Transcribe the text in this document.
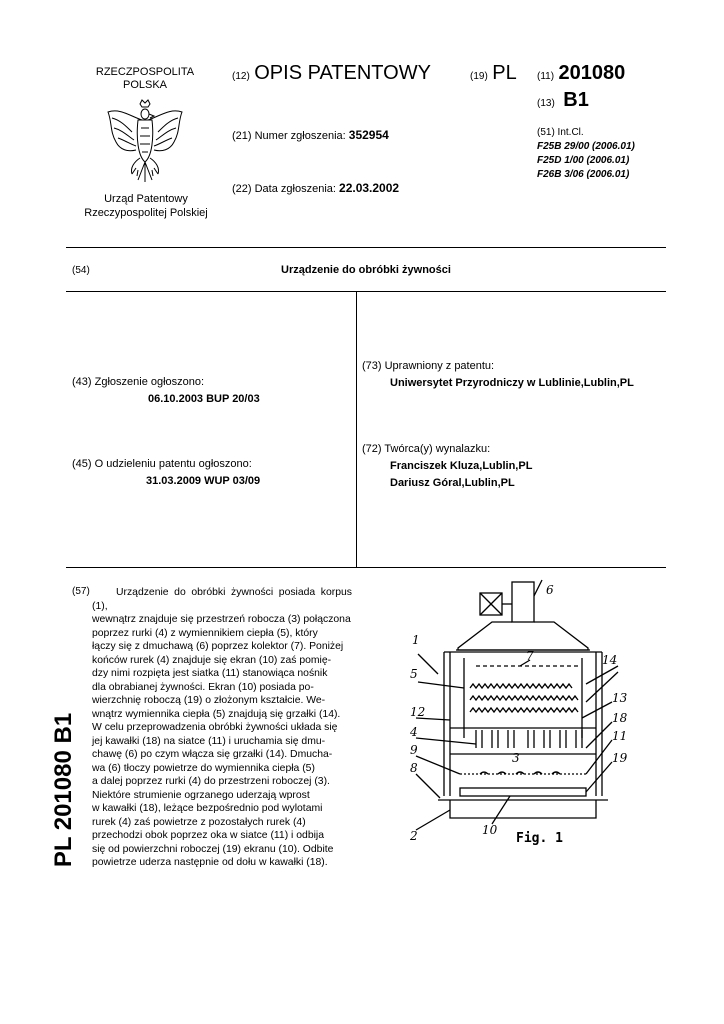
RZECZPOSPOLITA
POLSKA
Urząd Patentowy
Rzeczypospolitej Polskiej
(12) OPIS PATENTOWY	(19) PL (11) 201080
(13) B1
(21) Numer zgłoszenia: 352954
(22) Data zgłoszenia: 22.03.2002
(51) Int.Cl.
F25B 29/00 (2006.01)
F25D 1/00 (2006.01)
F26B 3/06 (2006.01)
(54)	Urządzenie do obróbki żywności
(43) Zgłoszenie ogłoszono:
06.10.2003 BUP 20/03
(45) O udzieleniu patentu ogłoszono:
31.03.2009 WUP 03/09
(73) Uprawniony z patentu:
Uniwersytet Przyrodniczy w Lublinie,Lublin,PL
(72) Twórca(y) wynalazku:
Franciszek Kluza,Lublin,PL
Dariusz Góral,Lublin,PL
(57)	Urządzenie do obróbki żywności posiada korpus (1),
wewnątrz znajduje się przestrzeń robocza (3) połączona
poprzez rurki (4) z wymiennikiem ciepła (5), który
łączy się z dmuchawą (6) poprzez kolektor (7). Poniżej
końców rurek (4) znajduje się ekran (10) zaś pomię-
dzy nimi rozpięta jest siatka (11) stanowiąca nośnik
dla obrabianej żywności. Ekran (10) posiada po-
wierzchnię roboczą (19) o złożonym kształcie. We-
wnątrz wymiennika ciepła (5) znajdują się grzałki (14).
W celu przeprowadzenia obróbki żywności układa się
jej kawałki (18) na siatce (11) i uruchamia się dmu-
chawę (6) po czym włącza się grzałki (14). Dmucha-
wa (6) tłoczy powietrze do wymiennika ciepła (5)
a dalej poprzez rurki (4) do przestrzeni roboczej (3).
Niektóre strumienie ogrzanego uderzają wprost
w kawałki (18), leżące bezpośrednio pod wylotami
rurek (4) zaś powietrze z pozostałych rurek (4)
przechodzi obok poprzez oka w siatce (11) i odbija
się od powierzchni roboczej (19) ekranu (10). Odbite
powietrze uderza następnie od dołu w kawałki (18).
PL 201080 B1
1
2
3
4
5
6
7
8
9
10
11
12
13
14
18
19
Fig. 1
